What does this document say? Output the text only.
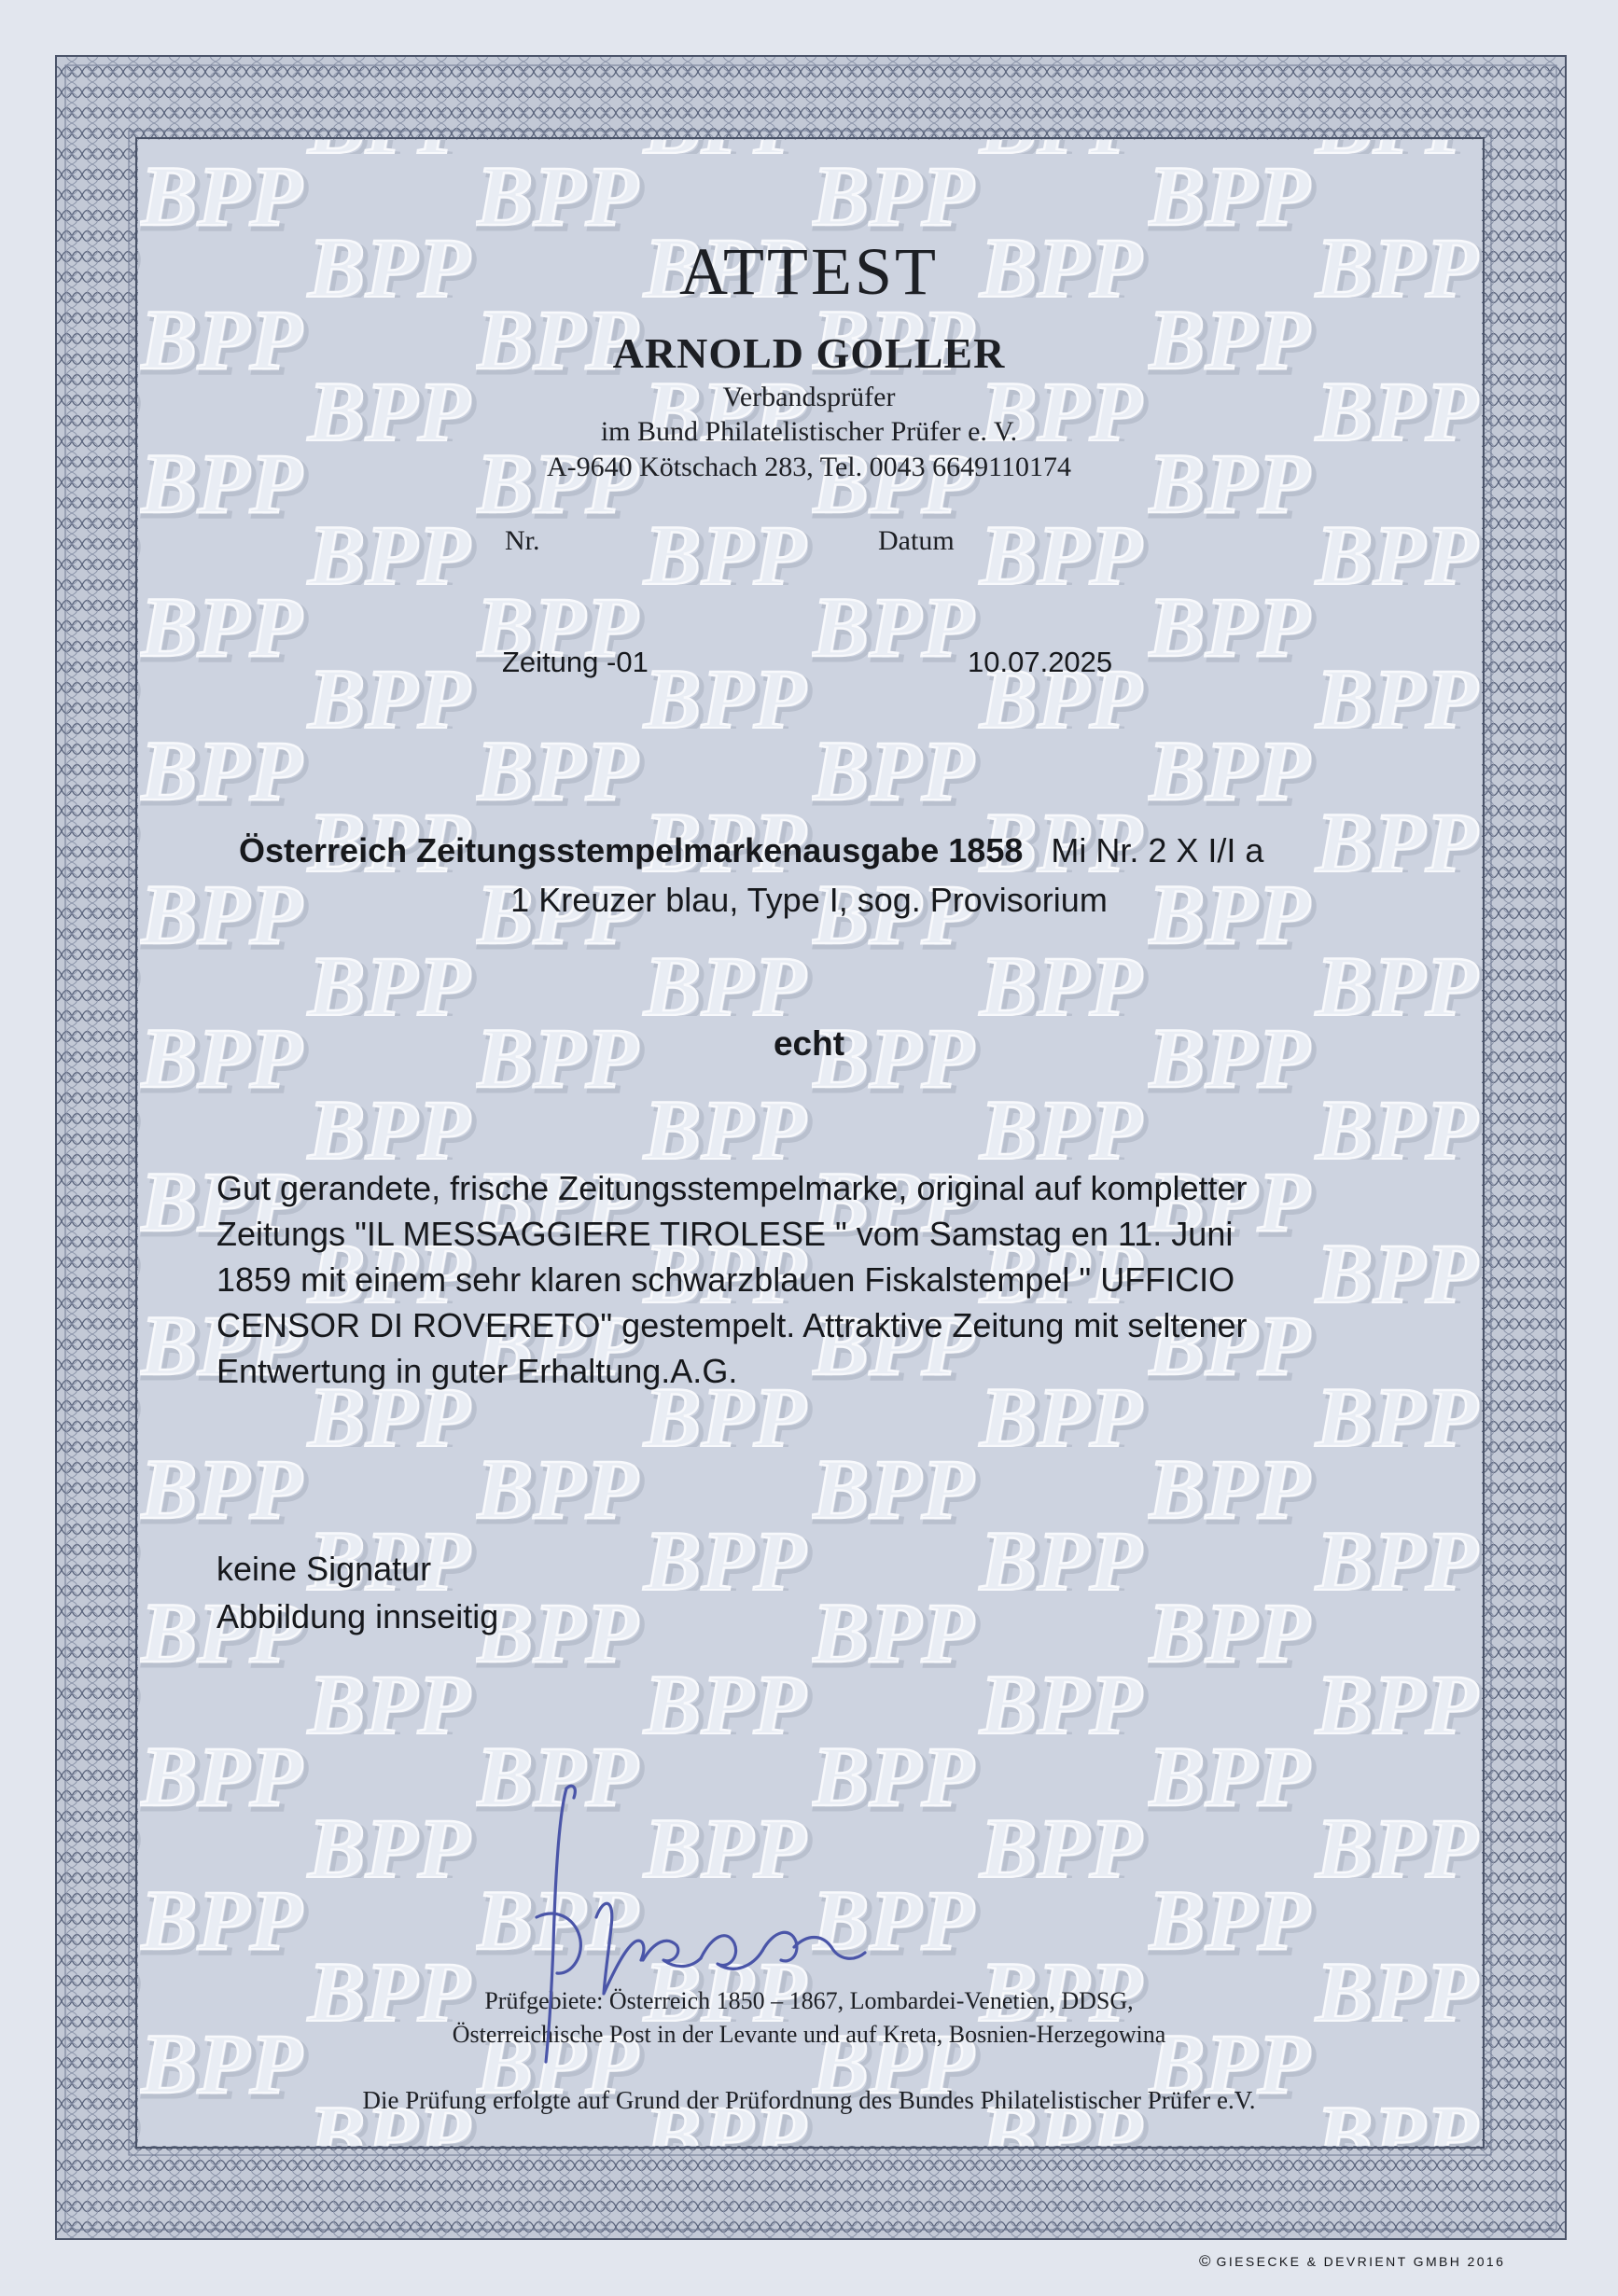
ATTEST
ARNOLD GOLLER
Verbandsprüfer
im Bund Philatelistischer Prüfer e. V.
A-9640 Kötschach 283, Tel. 0043 6649110174
Nr.	Datum
Zeitung -01	10.07.2025
Österreich Zeitungsstempelmarkenausgabe 1858 Mi Nr. 2 X I/I a
1 Kreuzer blau, Type I, sog. Provisorium
echt
Gut gerandete, frische Zeitungsstempelmarke, original auf kompletter
Zeitungs "IL MESSAGGIERE TIROLESE " vom Samstag en 11. Juni
1859 mit einem sehr klaren schwarzblauen Fiskalstempel " UFFICIO
CENSOR DI ROVERETO" gestempelt. Attraktive Zeitung mit seltener
Entwertung in guter Erhaltung.A.G.
keine Signatur
Abbildung innseitig
Prüfgebiete: Österreich 1850 – 1867, Lombardei-Venetien, DDSG,
Österreichische Post in der Levante und auf Kreta, Bosnien-Herzegowina
Die Prüfung erfolgte auf Grund der Prüfordnung des Bundes Philatelistischer Prüfer e.V.
© GIESECKE & DEVRIENT GMBH 2016
